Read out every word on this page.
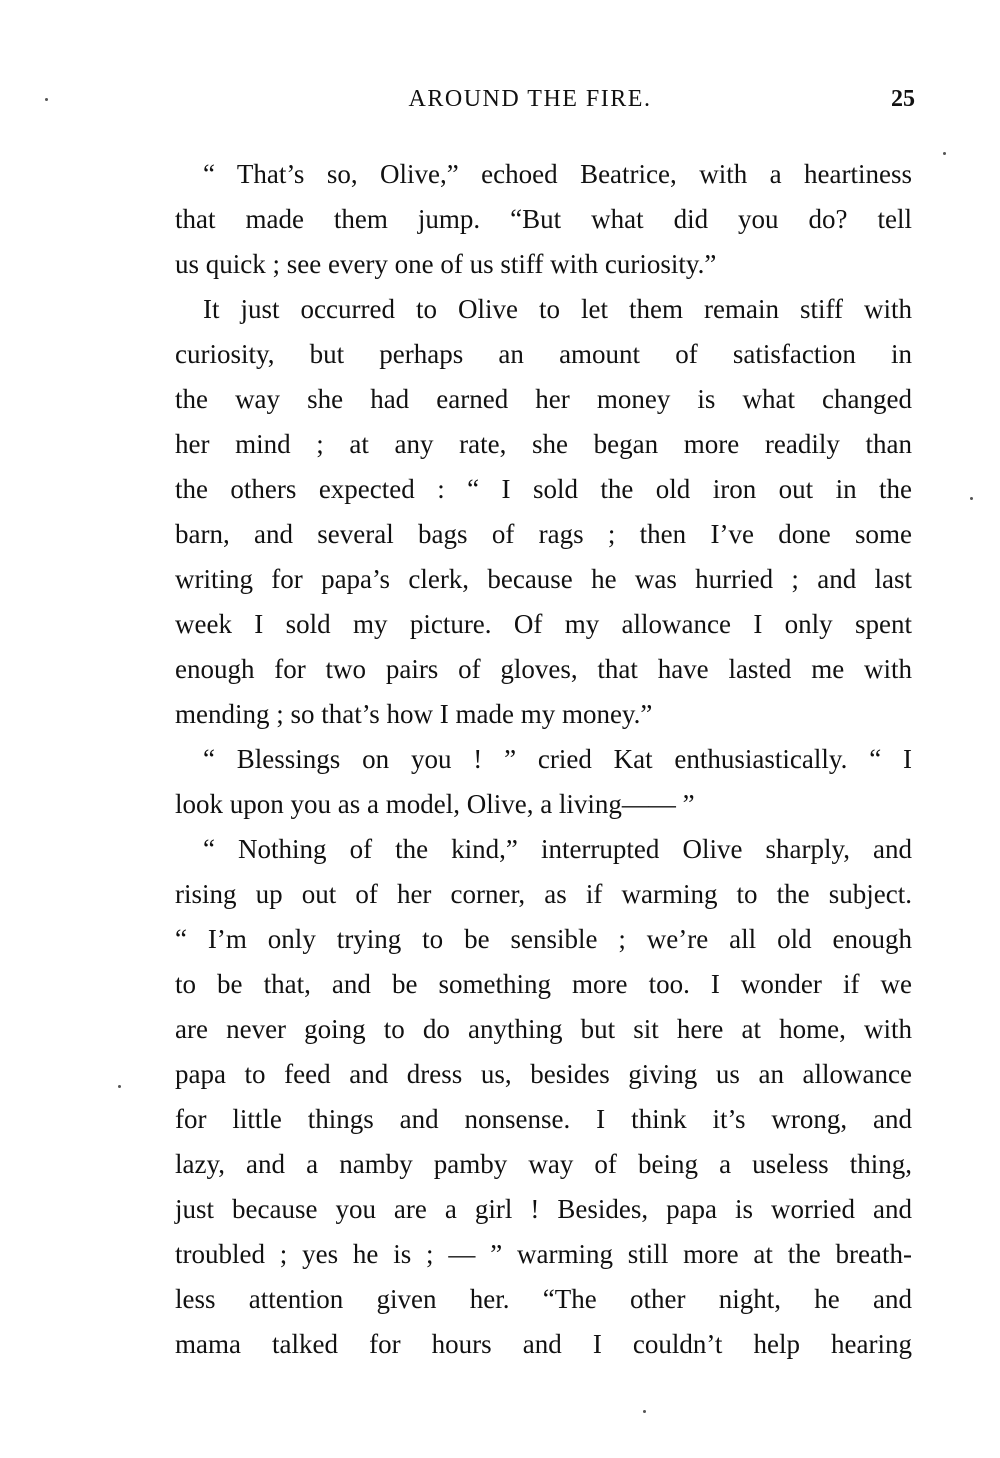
AROUND THE FIRE.	25
“ That’s so, Olive,” echoed Beatrice, with a heartiness
that made them jump. “But what did you do? tell
us quick ; see every one of us stiff with curiosity.”
It just occurred to Olive to let them remain stiff with
curiosity, but perhaps an amount of satisfaction in
the way she had earned her money is what changed
her mind ; at any rate, she began more readily than
the others expected : “ I sold the old iron out in the
barn, and several bags of rags ; then I’ve done some
writing for papa’s clerk, because he was hurried ; and last
week I sold my picture. Of my allowance I only spent
enough for two pairs of gloves, that have lasted me with
mending ; so that’s how I made my money.”
“ Blessings on you ! ” cried Kat enthusiastically. “ I
look upon you as a model, Olive, a living—— ”
“ Nothing of the kind,” interrupted Olive sharply, and
rising up out of her corner, as if warming to the subject.
“ I’m only trying to be sensible ; we’re all old enough
to be that, and be something more too. I wonder if we
are never going to do anything but sit here at home, with
papa to feed and dress us, besides giving us an allowance
for little things and nonsense. I think it’s wrong, and
lazy, and a namby pamby way of being a useless thing,
just because you are a girl ! Besides, papa is worried and
troubled ; yes he is ; — ” warming still more at the breath-
less attention given her. “The other night, he and
mama talked for hours and I couldn’t help hearing
